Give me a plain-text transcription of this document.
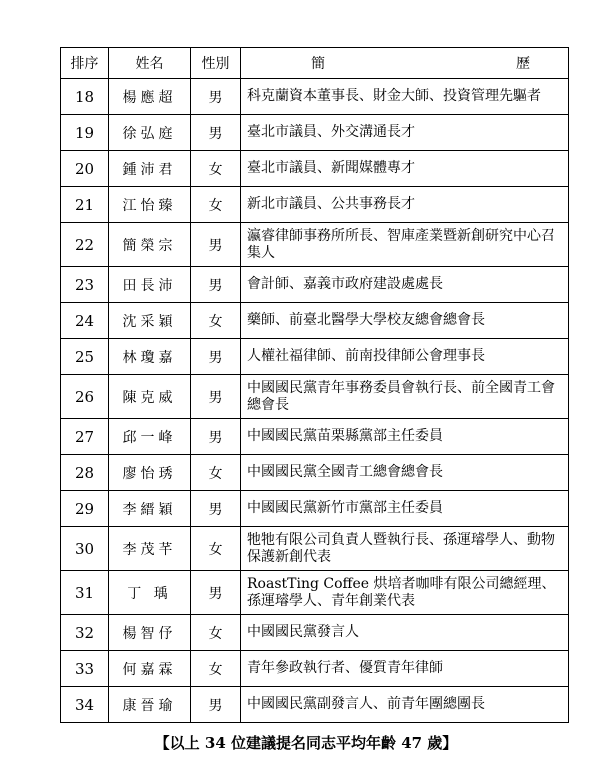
排序	姓名	性別	簡 歷

18	楊應超	男	科克蘭資本董事長、財金大師、投資管理先驅者
19	徐弘庭	男	臺北市議員、外交溝通長才
20	鍾沛君	女	臺北市議員、新聞媒體專才
21	江怡臻	女	新北市議員、公共事務長才
22	簡榮宗	男	瀛睿律師事務所所長、智庫產業暨新創研究中心召集人
23	田長沛	男	會計師、嘉義市政府建設處處長
24	沈采穎	女	藥師、前臺北醫學大學校友總會總會長
25	林瓊嘉	男	人權社福律師、前南投律師公會理事長
26	陳克威	男	中國國民黨青年事務委員會執行長、前全國青工會總會長
27	邱一峰	男	中國國民黨苗栗縣黨部主任委員
28	廖怡琇	女	中國國民黨全國青工總會總會長
29	李縉穎	男	中國國民黨新竹市黨部主任委員
30	李茂芊	女	牠牠有限公司負責人暨執行長、孫運璿學人、動物保護新創代表
31	丁 瑀	男	RoastTing Coffee 烘培者咖啡有限公司總經理、孫運璿學人、青年創業代表
32	楊智伃	女	中國國民黨發言人
33	何嘉霖	女	青年參政執行者、優質青年律師
34	康晉瑜	男	中國國民黨副發言人、前青年團總團長
【以上 34 位建議提名同志平均年齡 47 歲】
